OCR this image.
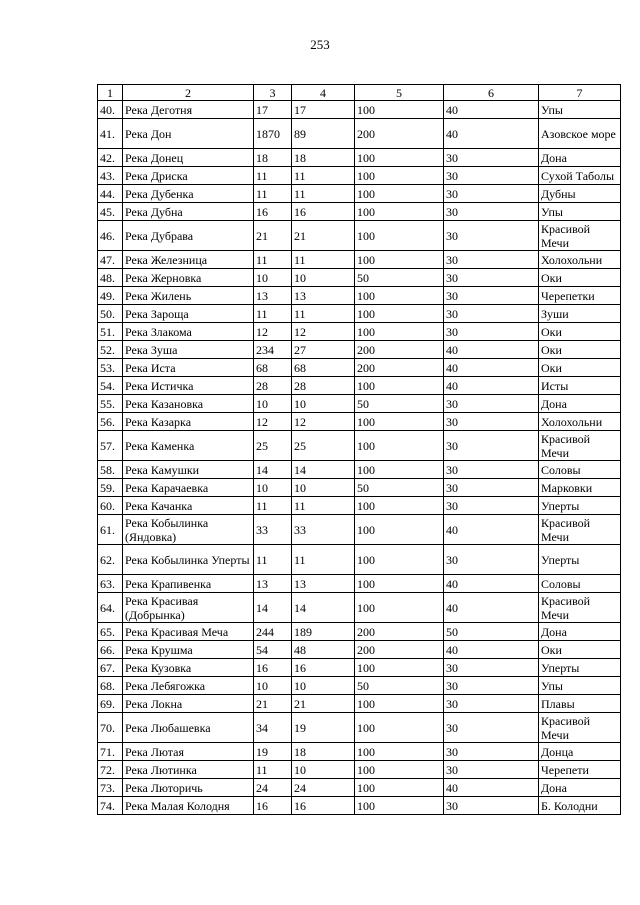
253
1	2	3	4	5	6	7
40.	Река Деготня	17	17	100	40	Упы
41.	Река Дон	1870	89	200	40	Азовское море
42.	Река Донец	18	18	100	30	Дона
43.	Река Дриска	11	11	100	30	Сухой Таболы
44.	Река Дубенка	11	11	100	30	Дубны
45.	Река Дубна	16	16	100	30	Упы
46.	Река Дубрава	21	21	100	30	Красивой Мечи
47.	Река Железница	11	11	100	30	Холохольни
48.	Река Жерновка	10	10	50	30	Оки
49.	Река Жилень	13	13	100	30	Черепетки
50.	Река Зароща	11	11	100	30	Зуши
51.	Река Злакома	12	12	100	30	Оки
52.	Река Зуша	234	27	200	40	Оки
53.	Река Иста	68	68	200	40	Оки
54.	Река Истичка	28	28	100	40	Исты
55.	Река Казановка	10	10	50	30	Дона
56.	Река Казарка	12	12	100	30	Холохольни
57.	Река Каменка	25	25	100	30	Красивой Мечи
58.	Река Камушки	14	14	100	30	Соловы
59.	Река Карачаевка	10	10	50	30	Марковки
60.	Река Качанка	11	11	100	30	Уперты
61.	Река Кобылинка (Яндовка)	33	33	100	40	Красивой Мечи
62.	Река Кобылинка Уперты	11	11	100	30	Уперты
63.	Река Крапивенка	13	13	100	40	Соловы
64.	Река Красивая (Добрынка)	14	14	100	40	Красивой Мечи
65.	Река Красивая Меча	244	189	200	50	Дона
66.	Река Крушма	54	48	200	40	Оки
67.	Река Кузовка	16	16	100	30	Уперты
68.	Река Лебягожка	10	10	50	30	Упы
69.	Река Локна	21	21	100	30	Плавы
70.	Река Любашевка	34	19	100	30	Красивой Мечи
71.	Река Лютая	19	18	100	30	Донца
72.	Река Лютинка	11	10	100	30	Черепети
73.	Река Люторичь	24	24	100	40	Дона
74.	Река Малая Колодня	16	16	100	30	Б. Колодни
